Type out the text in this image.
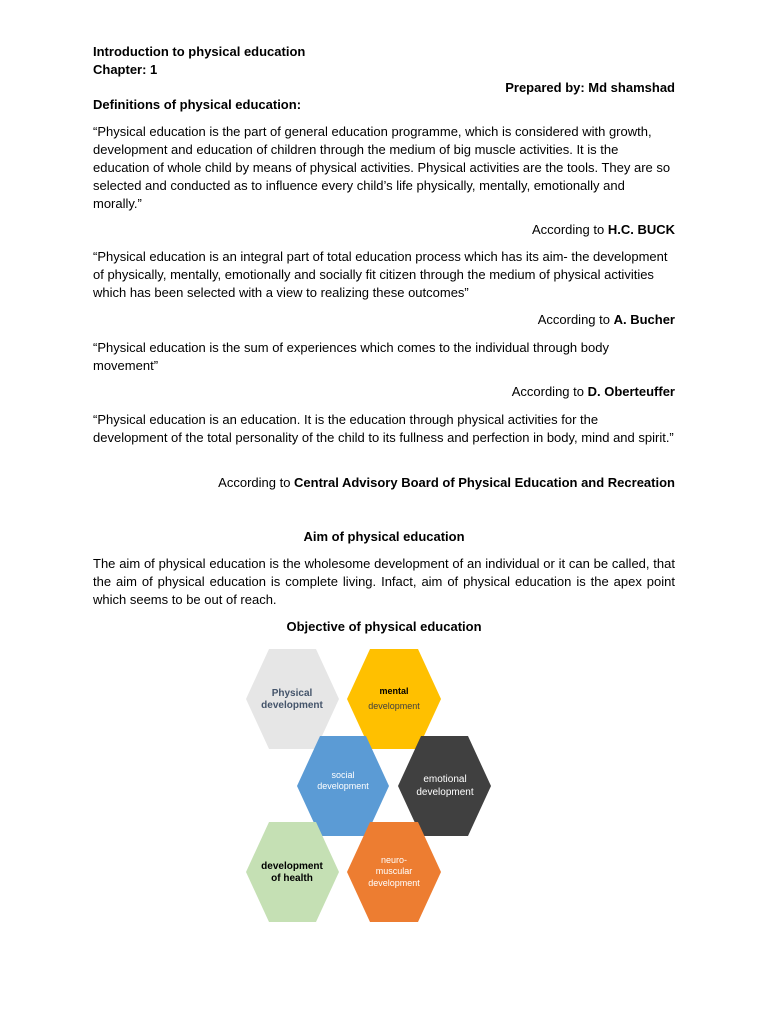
Introduction to physical education
Chapter: 1
Prepared by: Md shamshad
Definitions of physical education:
“Physical education is the part of general education programme, which is considered with growth, development and education of children through the medium of big muscle activities. It is the education of whole child by means of physical activities. Physical activities are the tools. They are so selected and conducted as to influence every child’s life physically, mentally, emotionally and morally.”
According to H.C. BUCK
“Physical education is an integral part of total education process which has its aim- the development of physically, mentally, emotionally and socially fit citizen through the medium of physical activities which has been selected with a view to realizing these outcomes”
According to A. Bucher
“Physical education is the sum of experiences which comes to the individual through body movement”
According to D. Oberteuffer
“Physical education is an education. It is the education through physical activities for the development of the total personality of the child to its fullness and perfection in body, mind and spirit.”
According to Central Advisory Board of Physical Education and Recreation
Aim of physical education
The aim of physical education is the wholesome development of an individual or it can be called, that the aim of physical education is complete living. Infact, aim of physical education is the apex point which seems to be out of reach.
Objective of physical education
Physical
development
mental
development
social
development
emotional
development
development
of health
neuro-
muscular
development
